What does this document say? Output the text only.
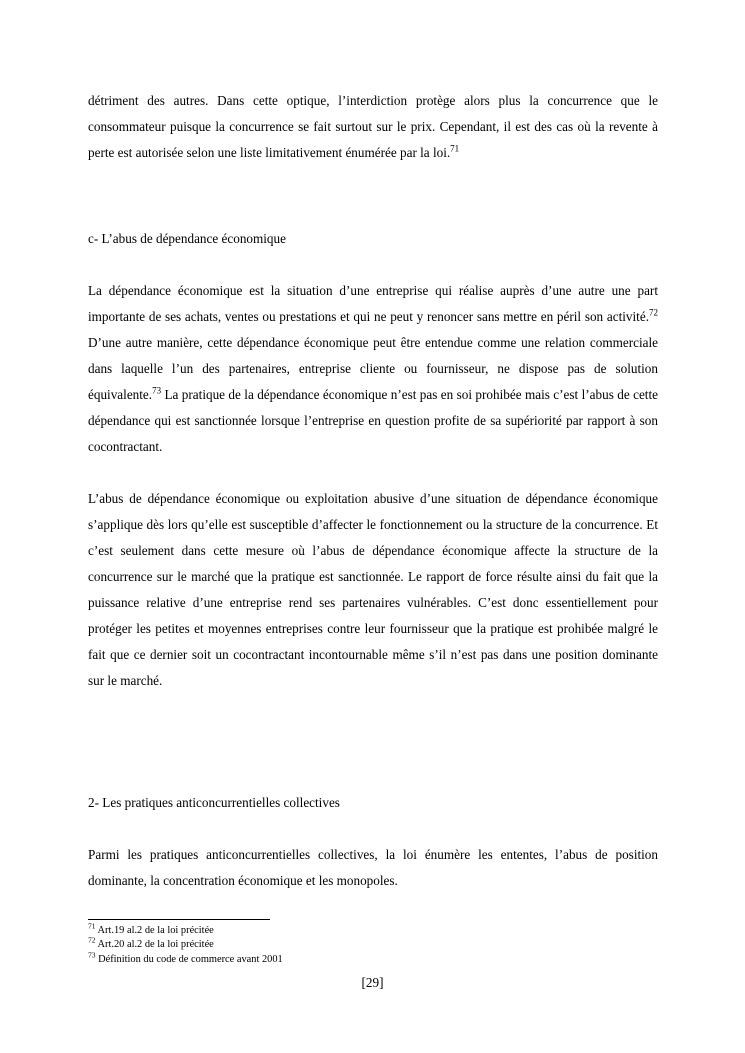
détriment des autres. Dans cette optique, l’interdiction protège alors plus la concurrence que le consommateur puisque la concurrence se fait surtout sur le prix. Cependant, il est des cas où la revente à perte est autorisée selon une liste limitativement énumérée par la loi.$^{71}$

c- L’abus de dépendance économique

La dépendance économique est la situation d’une entreprise qui réalise auprès d’une autre une part importante de ses achats, ventes ou prestations et qui ne peut y renoncer sans mettre en péril son activité.$^{72}$ D’une autre manière, cette dépendance économique peut être entendue comme une relation commerciale dans laquelle l’un des partenaires, entreprise cliente ou fournisseur, ne dispose pas de solution équivalente.$^{73}$ La pratique de la dépendance économique n’est pas en soi prohibée mais c’est l’abus de cette dépendance qui est sanctionnée lorsque l’entreprise en question profite de sa supériorité par rapport à son cocontractant.

L’abus de dépendance économique ou exploitation abusive d’une situation de dépendance économique s’applique dès lors qu’elle est susceptible d’affecter le fonctionnement ou la structure de la concurrence. Et c’est seulement dans cette mesure où l’abus de dépendance économique affecte la structure de la concurrence sur le marché que la pratique est sanctionnée. Le rapport de force résulte ainsi du fait que la puissance relative d’une entreprise rend ses partenaires vulnérables. C’est donc essentiellement pour protéger les petites et moyennes entreprises contre leur fournisseur que la pratique est prohibée malgré le fait que ce dernier soit un cocontractant incontournable même s’il n’est pas dans une position dominante sur le marché.

2- Les pratiques anticoncurrentielles collectives

Parmi les pratiques anticoncurrentielles collectives, la loi énumère les ententes, l’abus de position dominante, la concentration économique et les monopoles.

$^{71}$ Art.19 al.2 de la loi précitée

$^{72}$ Art.20 al.2 de la loi précitée

$^{73}$ Définition du code de commerce avant 2001

[29]
